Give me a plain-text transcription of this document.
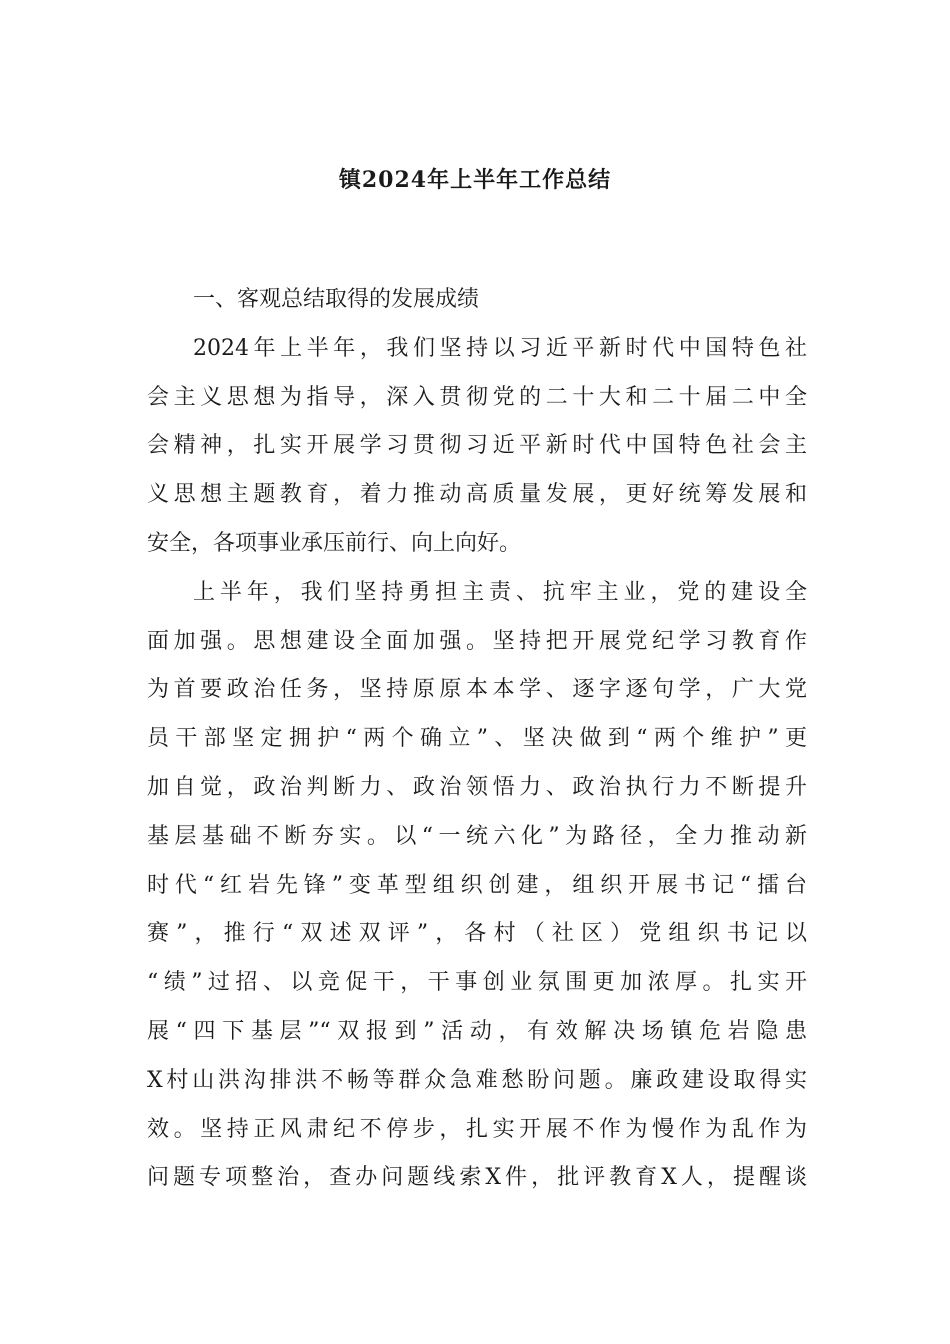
镇2024年上半年工作总结
一、客观总结取得的发展成绩
2024年上半年，我们坚持以习近平新时代中国特色社
会主义思想为指导，深入贯彻党的二十大和二十届二中全
会精神，扎实开展学习贯彻习近平新时代中国特色社会主
义思想主题教育，着力推动高质量发展，更好统筹发展和
安全，各项事业承压前行、向上向好。
上半年，我们坚持勇担主责、抗牢主业，党的建设全
面加强。思想建设全面加强。坚持把开展党纪学习教育作
为首要政治任务，坚持原原本本学、逐字逐句学，广大党
员干部坚定拥护“两个确立”、坚决做到“两个维护”更
加自觉，政治判断力、政治领悟力、政治执行力不断提升
基层基础不断夯实。以“一统六化”为路径，全力推动新
时代“红岩先锋”变革型组织创建，组织开展书记“擂台
赛”，推行“双述双评”，各村（社区）党组织书记以
“绩”过招、以竞促干，干事创业氛围更加浓厚。扎实开
展“四下基层”“双报到”活动，有效解决场镇危岩隐患
X村山洪沟排洪不畅等群众急难愁盼问题。廉政建设取得实
效。坚持正风肃纪不停步，扎实开展不作为慢作为乱作为
问题专项整治，查办问题线索X件，批评教育X人，提醒谈
